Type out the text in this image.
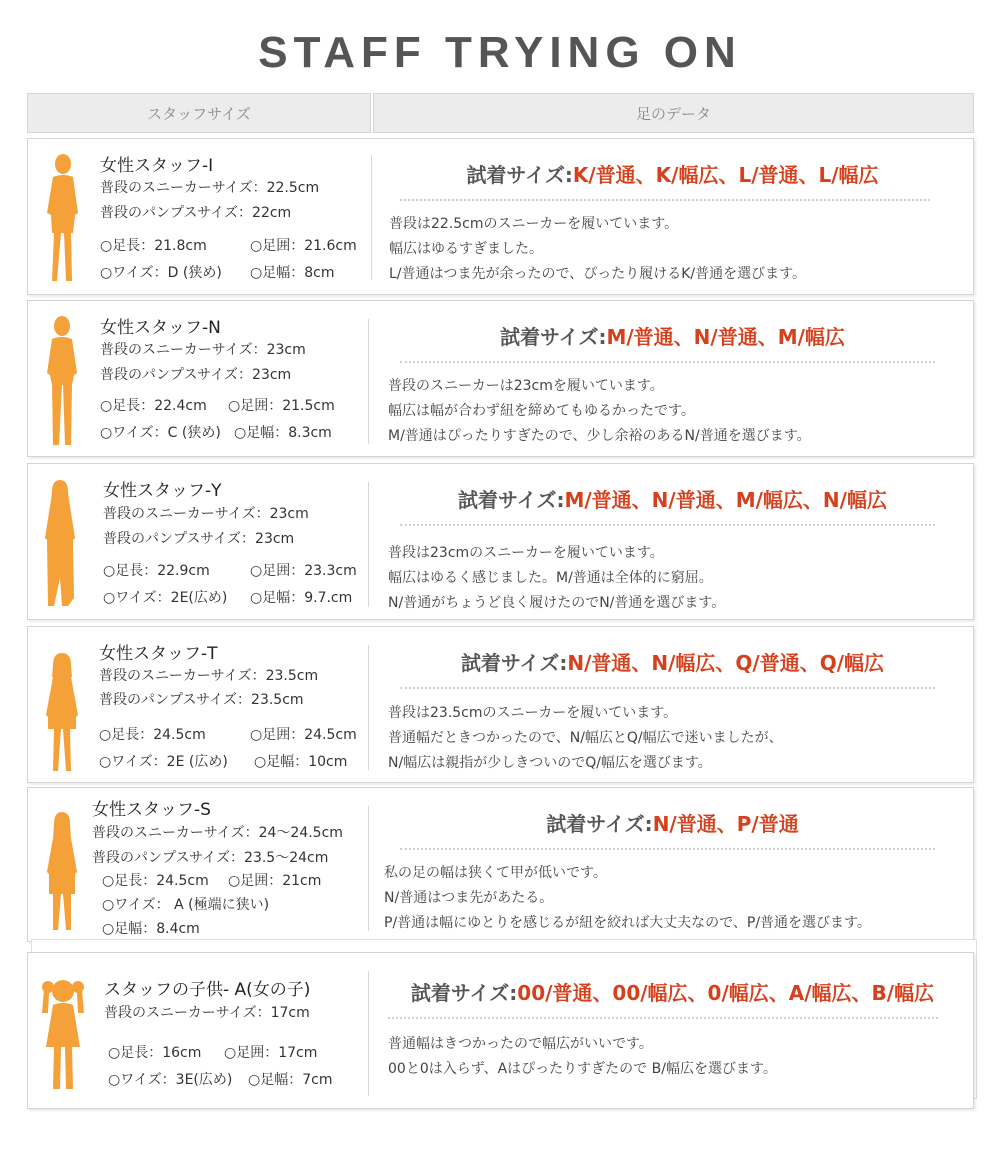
STAFF TRYING ON
スタッフサイズ	足のデータ
女性スタッフ-I
普段のスニーカーサイズ：22.5cm
普段のパンプスサイズ：22cm
○足長：21.8cm	○足囲：21.6cm
○ワイズ：D (狭め) ○足幅：8cm
試着サイズ:K/普通、K/幅広、L/普通、L/幅広
普段は22.5cmのスニーカーを履いています。
幅広はゆるすぎました。
L/普通はつま先が余ったので、ぴったり履けるK/普通を選びます。
女性スタッフ-N
普段のスニーカーサイズ：23cm
普段のパンプスサイズ：23cm
○足長：22.4cm ○足囲：21.5cm
○ワイズ：C (狭め) ○足幅：8.3cm
試着サイズ:M/普通、N/普通、M/幅広
普段のスニーカーは23cmを履いています。
幅広は幅が合わず紐を締めてもゆるかったです。
M/普通はぴったりすぎたので、少し余裕のあるN/普通を選びます。
女性スタッフ-Y
普段のスニーカーサイズ：23cm
普段のパンプスサイズ：23cm
○足長：22.9cm	○足囲：23.3cm
○ワイズ：2E(広め) ○足幅：9.7.cm
試着サイズ:M/普通、N/普通、M/幅広、N/幅広
普段は23cmのスニーカーを履いています。
幅広はゆるく感じました。M/普通は全体的に窮屈。
N/普通がちょうど良く履けたのでN/普通を選びます。
女性スタッフ-T
普段のスニーカーサイズ：23.5cm
普段のパンプスサイズ：23.5cm
○足長：24.5cm	○足囲：24.5cm
○ワイズ：2E (広め) ○足幅：10cm
試着サイズ:N/普通、N/幅広、Q/普通、Q/幅広
普段は23.5cmのスニーカーを履いています。
普通幅だときつかったので、N/幅広とQ/幅広で迷いましたが、
N/幅広は親指が少しきついのでQ/幅広を選びます。
女性スタッフ-S
普段のスニーカーサイズ：24〜24.5cm
普段のパンプスサイズ：23.5〜24cm
○足長：24.5cm ○足囲：21cm
○ワイズ： A (極端に狭い)
○足幅：8.4cm
試着サイズ:N/普通、P/普通
私の足の幅は狭くて甲が低いです。
N/普通はつま先があたる。
P/普通は幅にゆとりを感じるが紐を絞れば大丈夫なので、P/普通を選びます。
スタッフの子供- A(女の子)
普段のスニーカーサイズ：17cm
○足長：16cm ○足囲：17cm
○ワイズ：3E(広め) ○足幅：7cm
試着サイズ:00/普通、00/幅広、0/幅広、A/幅広、B/幅広
普通幅はきつかったので幅広がいいです。
00と0は入らず、Aはぴったりすぎたので B/幅広を選びます。
